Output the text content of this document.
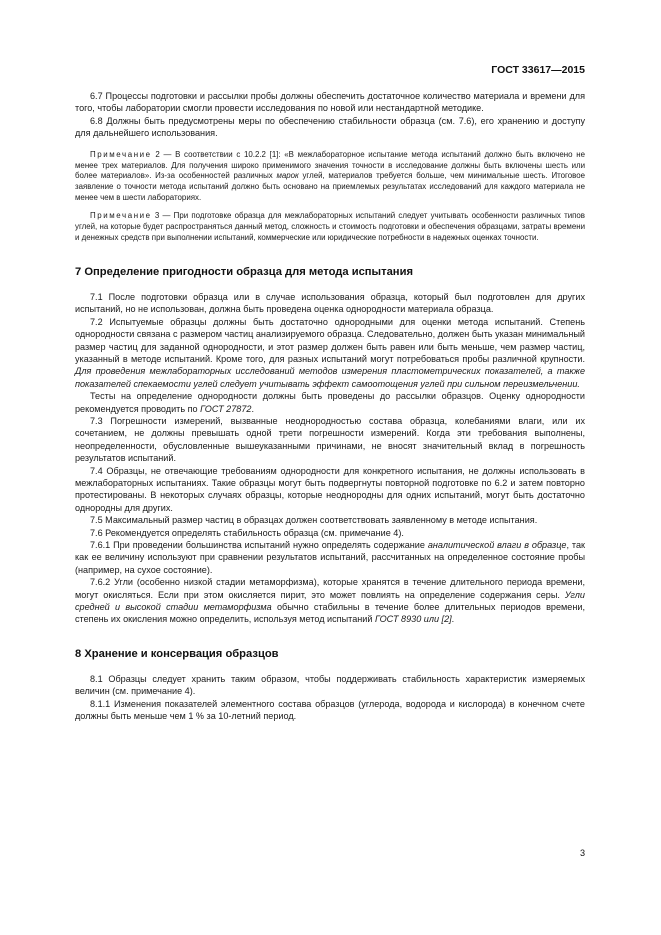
ГОСТ 33617—2015

6.7 Процессы подготовки и рассылки пробы должны обеспечить достаточное количество материала и времени для того, чтобы лаборатории смогли провести исследования по новой или нестандартной методике.

6.8 Должны быть предусмотрены меры по обеспечению стабильности образца (см. 7.6), его хранению и доступу для дальнейшего использования.

Примечание 2 — В соответствии с 10.2.2 [1]: «В межлабораторное испытание метода испытаний должно быть включено не менее трех материалов. Для получения широко применимого значения точности в исследование должны быть включены шесть или более материалов». Из-за особенностей различных марок углей, материалов требуется больше, чем минимальные шесть. Итоговое заявление о точности метода испытаний должно быть основано на приемлемых результатах исследований для каждого материала не менее чем в шести лабораториях.

Примечание 3 — При подготовке образца для межлабораторных испытаний следует учитывать особенности различных типов углей, на которые будет распространяться данный метод, сложность и стоимость подготовки и обеспечения образцами, затраты времени и денежных средств при выполнении испытаний, коммерческие или юридические потребности в надежных оценках точности.

7 Определение пригодности образца для метода испытания

7.1 После подготовки образца или в случае использования образца, который был подготовлен для других испытаний, но не использован, должна быть проведена оценка однородности материала образца.

7.2 Испытуемые образцы должны быть достаточно однородными для оценки метода испытаний. Степень однородности связана с размером частиц анализируемого образца. Следовательно, должен быть указан минимальный размер частиц для заданной однородности, и этот размер должен быть равен или быть меньше, чем размер частиц, указанный в методе испытаний. Кроме того, для разных испытаний могут потребоваться пробы различной крупности. Для проведения межлабораторных исследований методов измерения пластометрических показателей, а также показателей спекаемости углей следует учитывать эффект самоотощения углей при сильном переизмельчении.

Тесты на определение однородности должны быть проведены до рассылки образцов. Оценку однородности рекомендуется проводить по ГОСТ 27872.

7.3 Погрешности измерений, вызванные неоднородностью состава образца, колебаниями влаги, или их сочетанием, не должны превышать одной трети погрешности измерений. Когда эти требования выполнены, неопределенности, обусловленные вышеуказанными причинами, не вносят значительный вклад в погрешность результатов испытаний.

7.4 Образцы, не отвечающие требованиям однородности для конкретного испытания, не должны использовать в межлабораторных испытаниях. Такие образцы могут быть подвергнуты повторной подготовке по 6.2 и затем повторно протестированы. В некоторых случаях образцы, которые неоднородны для одних испытаний, могут быть достаточно однородны для других.

7.5 Максимальный размер частиц в образцах должен соответствовать заявленному в методе испытания.

7.6 Рекомендуется определять стабильность образца (см. примечание 4).

7.6.1 При проведении большинства испытаний нужно определять содержание аналитической влаги в образце, так как ее величину используют при сравнении результатов испытаний, рассчитанных на определенное состояние пробы (например, на сухое состояние).

7.6.2 Угли (особенно низкой стадии метаморфизма), которые хранятся в течение длительного периода времени, могут окисляться. Если при этом окисляется пирит, это может повлиять на определение содержания серы. Угли средней и высокой стадии метаморфизма обычно стабильны в течение более длительных периодов времени, степень их окисления можно определить, используя метод испытаний ГОСТ 8930 или [2].

8 Хранение и консервация образцов

8.1 Образцы следует хранить таким образом, чтобы поддерживать стабильность характеристик измеряемых величин (см. примечание 4).

8.1.1 Изменения показателей элементного состава образцов (углерода, водорода и кислорода) в конечном счете должны быть меньше чем 1 % за 10-летний период.

3
